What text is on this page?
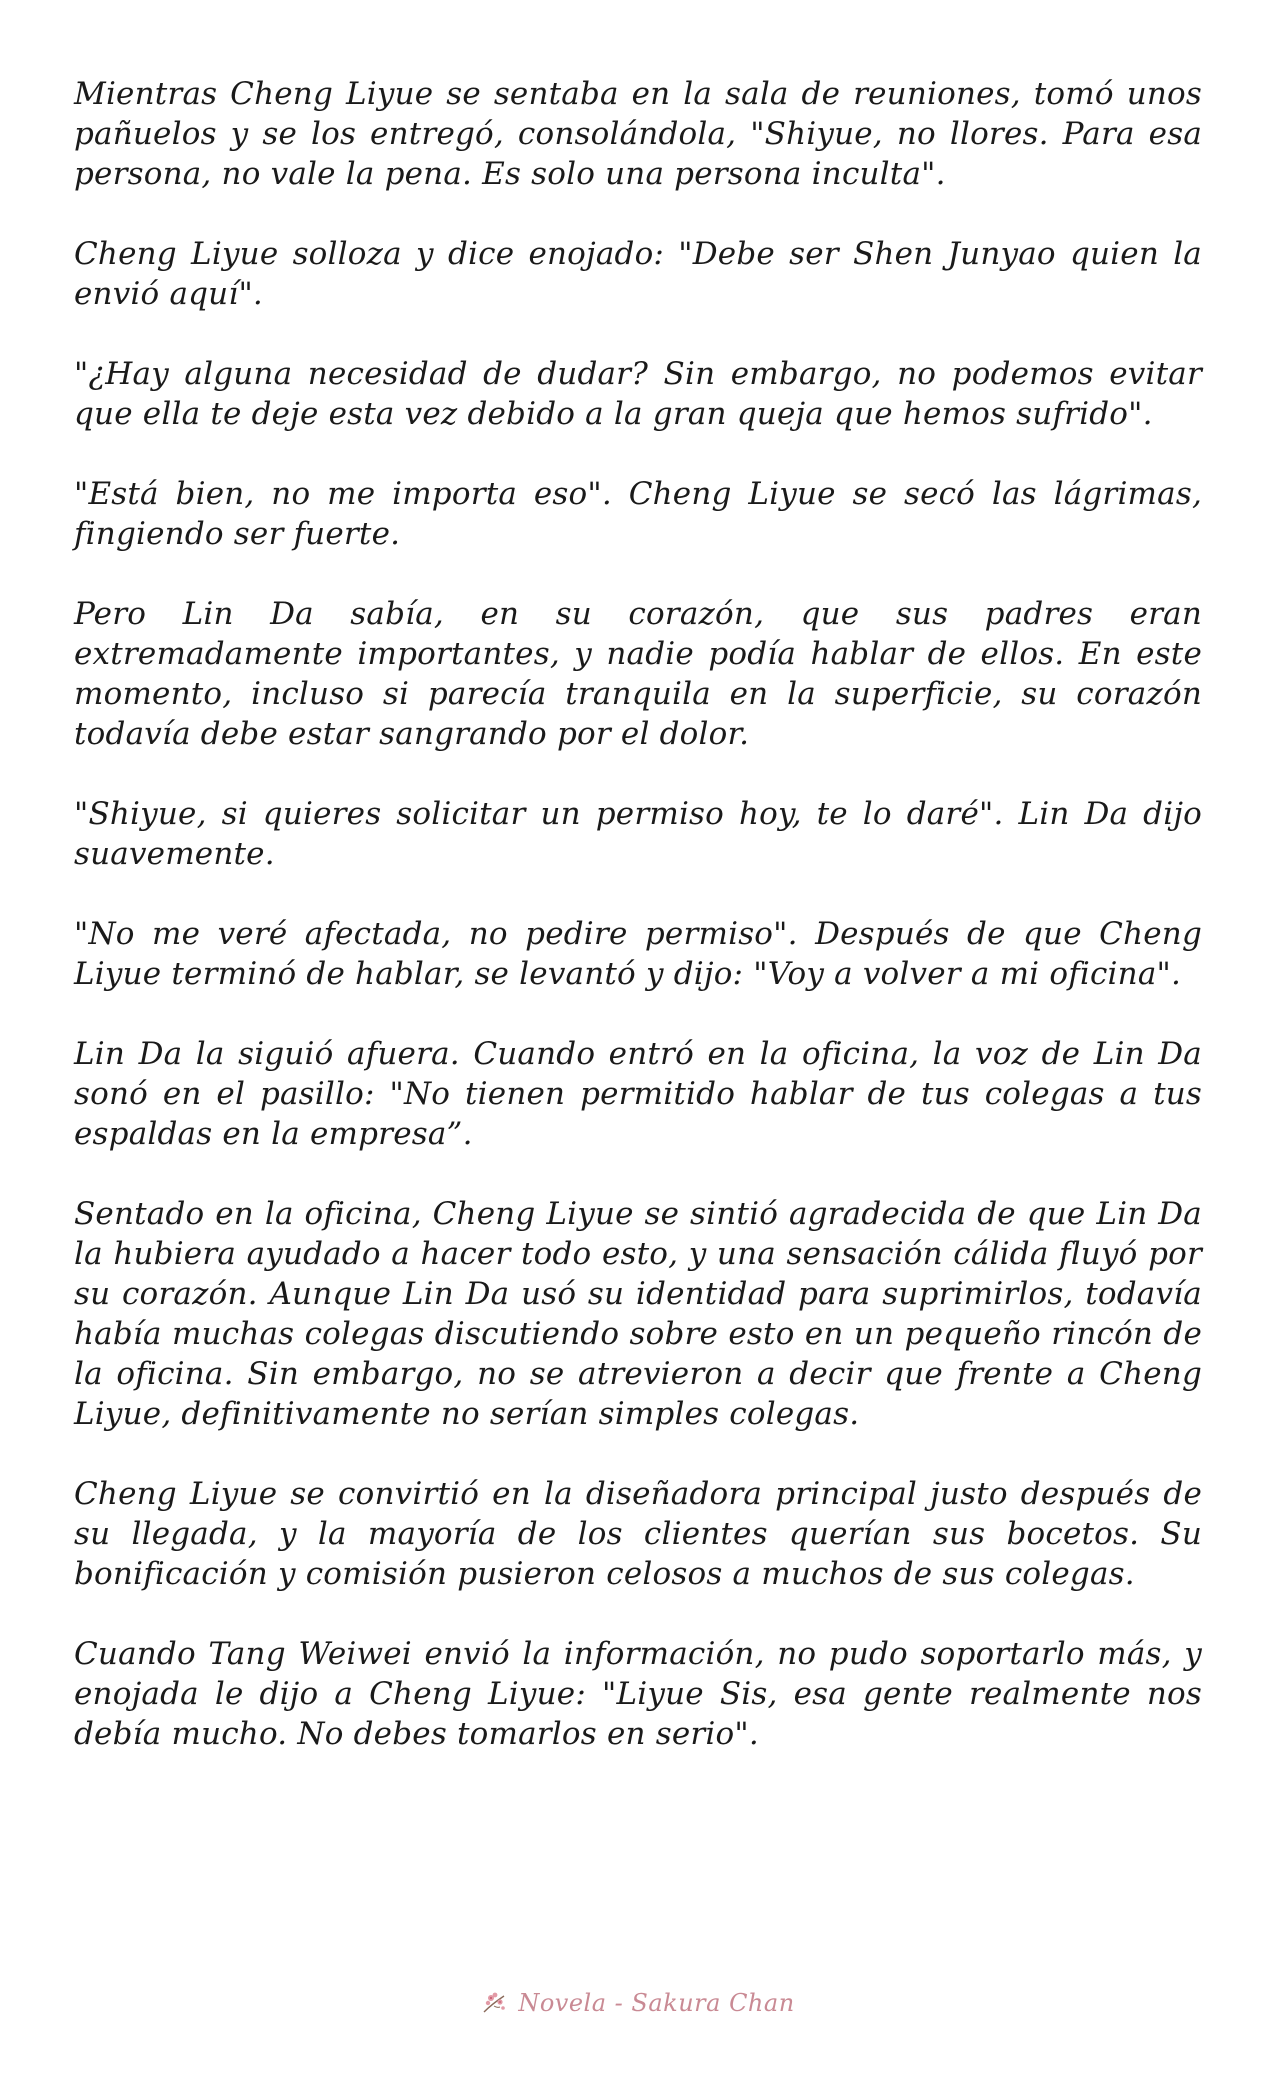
Mientras Cheng Liyue se sentaba en la sala de reuniones, tomó unos pañuelos y se los entregó, consolándola, "Shiyue, no llores. Para esa persona, no vale la pena. Es solo una persona inculta".

Cheng Liyue solloza y dice enojado: "Debe ser Shen Junyao quien la envió aquí".

"¿Hay alguna necesidad de dudar? Sin embargo, no podemos evitar que ella te deje esta vez debido a la gran queja que hemos sufrido".

"Está bien, no me importa eso". Cheng Liyue se secó las lágrimas, fingiendo ser fuerte.

Pero Lin Da sabía, en su corazón, que sus padres eran extremadamente importantes, y nadie podía hablar de ellos. En este momento, incluso si parecía tranquila en la superficie, su corazón todavía debe estar sangrando por el dolor.

"Shiyue, si quieres solicitar un permiso hoy, te lo daré". Lin Da dijo suavemente.

"No me veré afectada, no pedire permiso". Después de que Cheng Liyue terminó de hablar, se levantó y dijo: "Voy a volver a mi oficina".

Lin Da la siguió afuera. Cuando entró en la oficina, la voz de Lin Da sonó en el pasillo: "No tienen permitido hablar de tus colegas a tus espaldas en la empresa”.

Sentado en la oficina, Cheng Liyue se sintió agradecida de que Lin Da la hubiera ayudado a hacer todo esto, y una sensación cálida fluyó por su corazón. Aunque Lin Da usó su identidad para suprimirlos, todavía había muchas colegas discutiendo sobre esto en un pequeño rincón de la oficina. Sin embargo, no se atrevieron a decir que frente a Cheng Liyue, definitivamente no serían simples colegas.

Cheng Liyue se convirtió en la diseñadora principal justo después de su llegada, y la mayoría de los clientes querían sus bocetos. Su bonificación y comisión pusieron celosos a muchos de sus colegas.

Cuando Tang Weiwei envió la información, no pudo soportarlo más, y enojada le dijo a Cheng Liyue: "Liyue Sis, esa gente realmente nos debía mucho. No debes tomarlos en serio".

Novela - Sakura Chan
